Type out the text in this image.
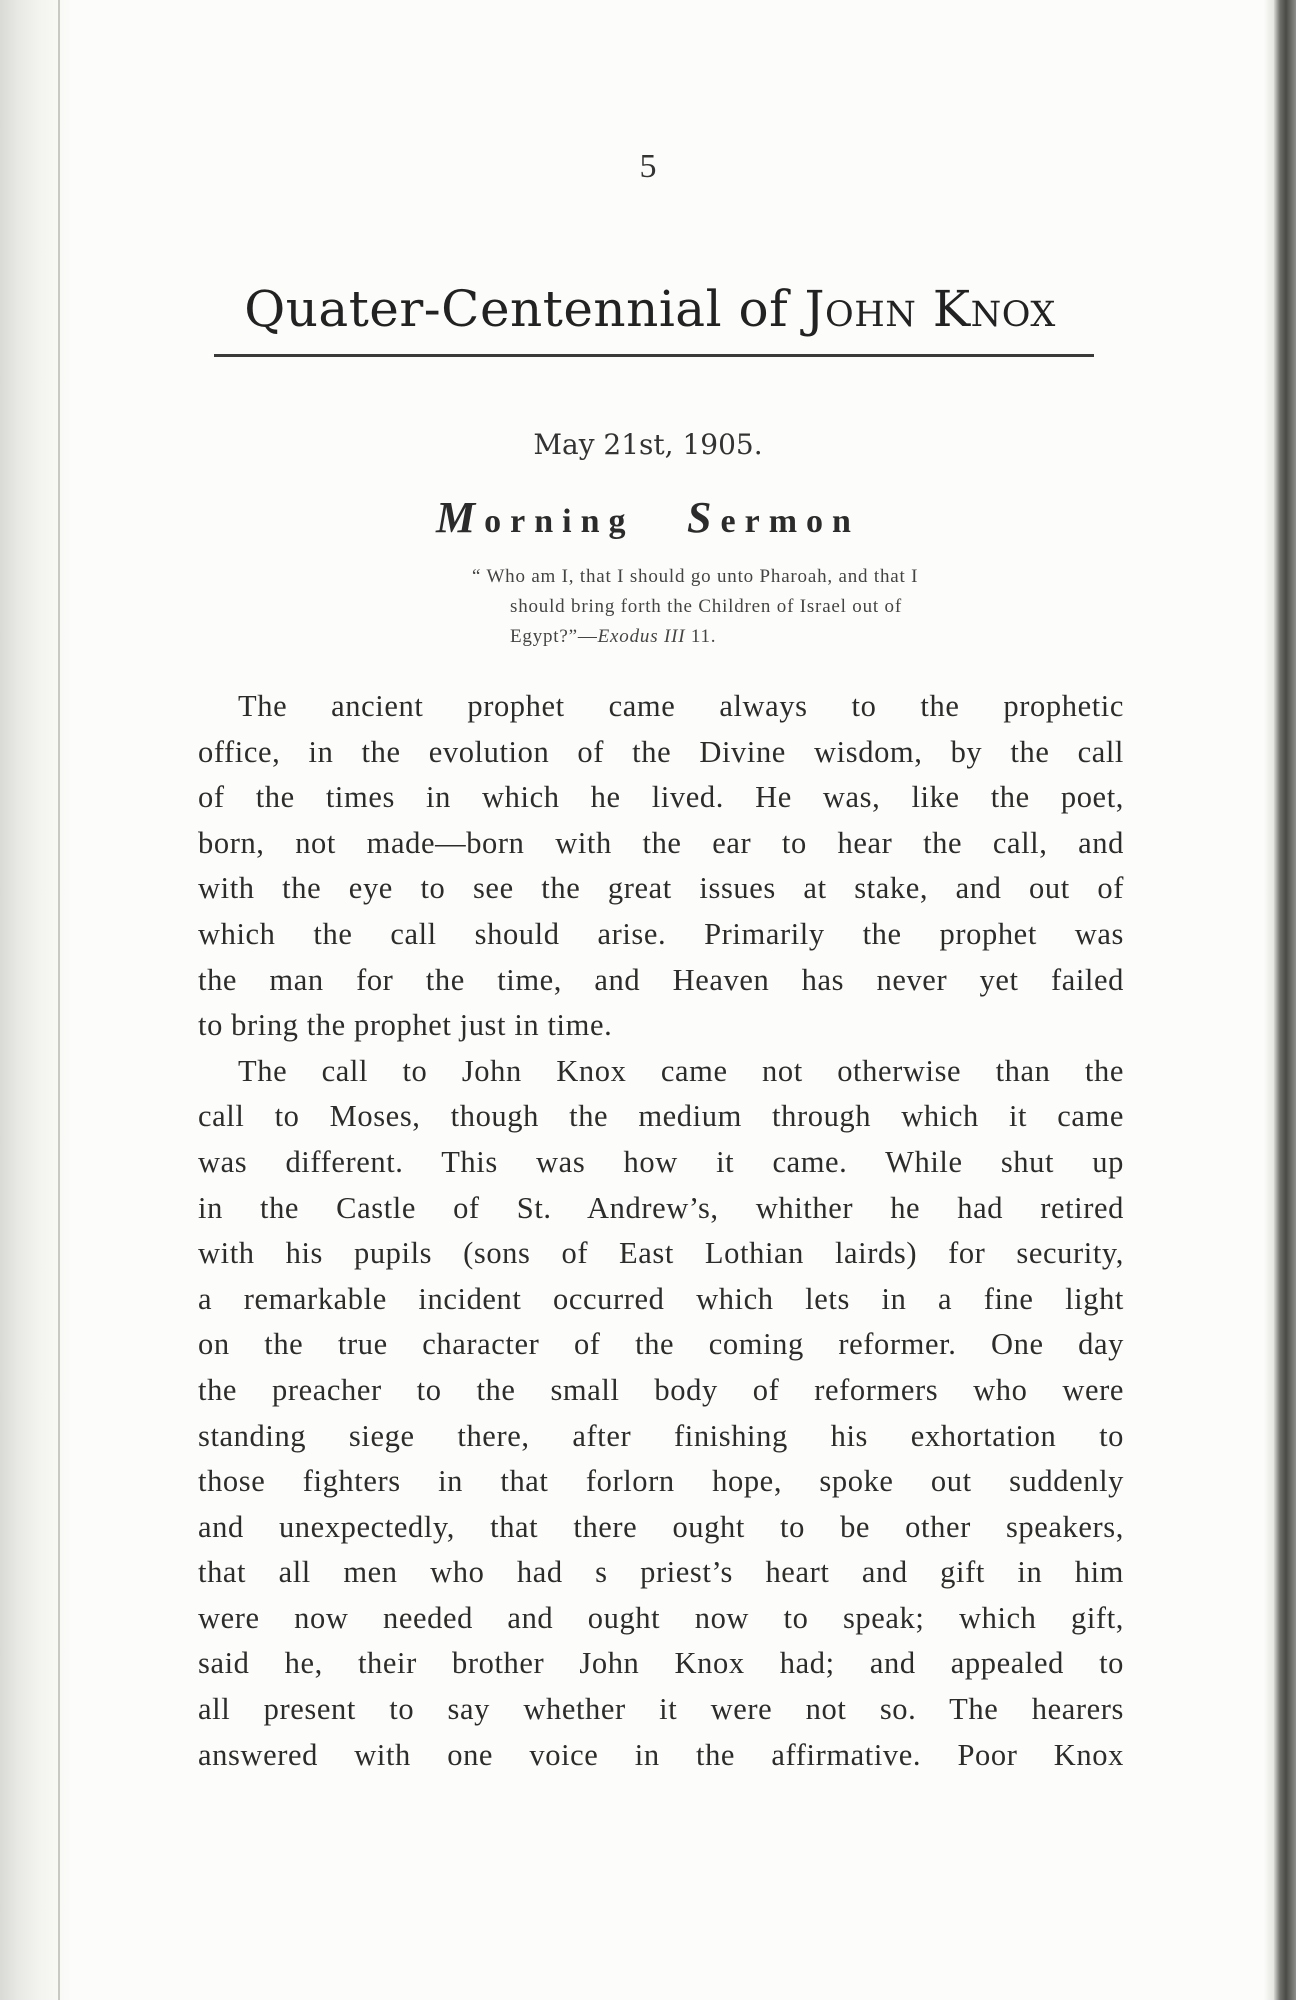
5
Quater-Centennial of John Knox
May 21st, 1905.
Morning Sermon
“ Who am I, that I should go unto Pharoah, and that I
should bring forth the Children of Israel out of
Egypt?”—Exodus III 11.
The ancient prophet came always to the prophetic
office, in the evolution of the Divine wisdom, by the call
of the times in which he lived. He was, like the poet,
born, not made—born with the ear to hear the call, and
with the eye to see the great issues at stake, and out of
which the call should arise. Primarily the prophet was
the man for the time, and Heaven has never yet failed
to bring the prophet just in time.
The call to John Knox came not otherwise than the
call to Moses, though the medium through which it came
was different. This was how it came. While shut up
in the Castle of St. Andrew’s, whither he had retired
with his pupils (sons of East Lothian lairds) for security,
a remarkable incident occurred which lets in a fine light
on the true character of the coming reformer. One day
the preacher to the small body of reformers who were
standing siege there, after finishing his exhortation to
those fighters in that forlorn hope, spoke out suddenly
and unexpectedly, that there ought to be other speakers,
that all men who had s priest’s heart and gift in him
were now needed and ought now to speak; which gift,
said he, their brother John Knox had; and appealed to
all present to say whether it were not so. The hearers
answered with one voice in the affirmative. Poor Knox
